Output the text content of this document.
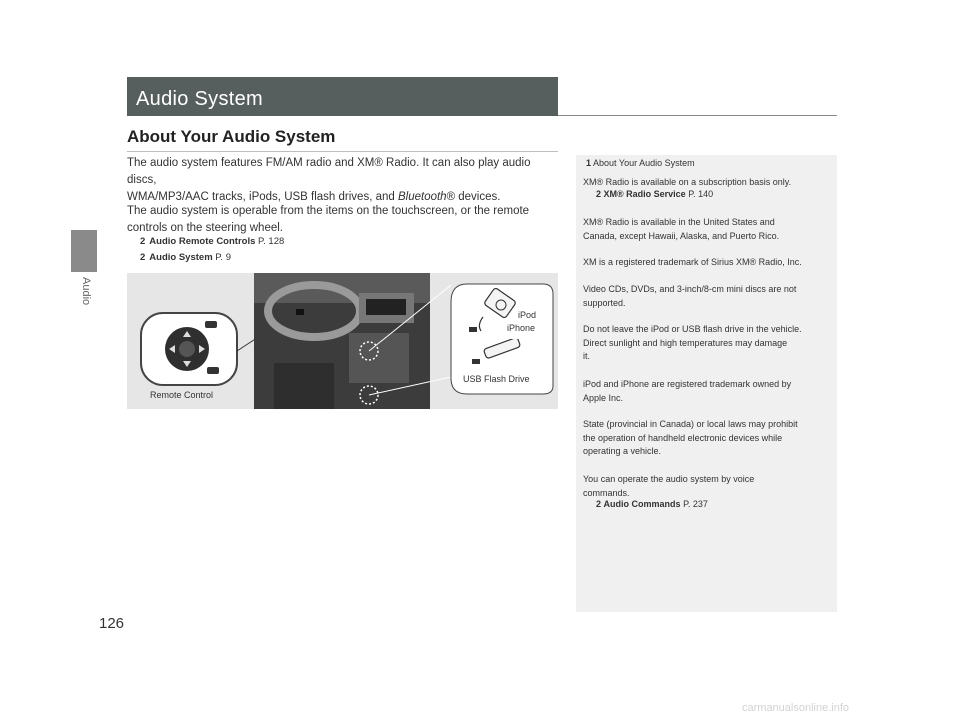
Audio
Audio System
About Your Audio System
The audio system features FM/AM radio and XM® Radio. It can also play audio discs,
WMA/MP3/AAC tracks, iPods, USB flash drives, and Bluetooth® devices.
The audio system is operable from the items on the touchscreen, or the remote
controls on the steering wheel.
2 Audio Remote Controls P. 128
2 Audio System P. 9
Remote Control
iPod
iPhone
USB Flash Drive
1 About Your Audio System
XM® Radio is available on a subscription basis only.
2 XM® Radio Service P. 140
XM® Radio is available in the United States and
Canada, except Hawaii, Alaska, and Puerto Rico.
XM is a registered trademark of Sirius XM® Radio, Inc.
Video CDs, DVDs, and 3-inch/8-cm mini discs are not
supported.
Do not leave the iPod or USB flash drive in the vehicle.
Direct sunlight and high temperatures may damage
it.
iPod and iPhone are registered trademark owned by
Apple Inc.
State (provincial in Canada) or local laws may prohibit
the operation of handheld electronic devices while
operating a vehicle.
You can operate the audio system by voice
commands.
2 Audio Commands P. 237
126
carmanualsonline.info
